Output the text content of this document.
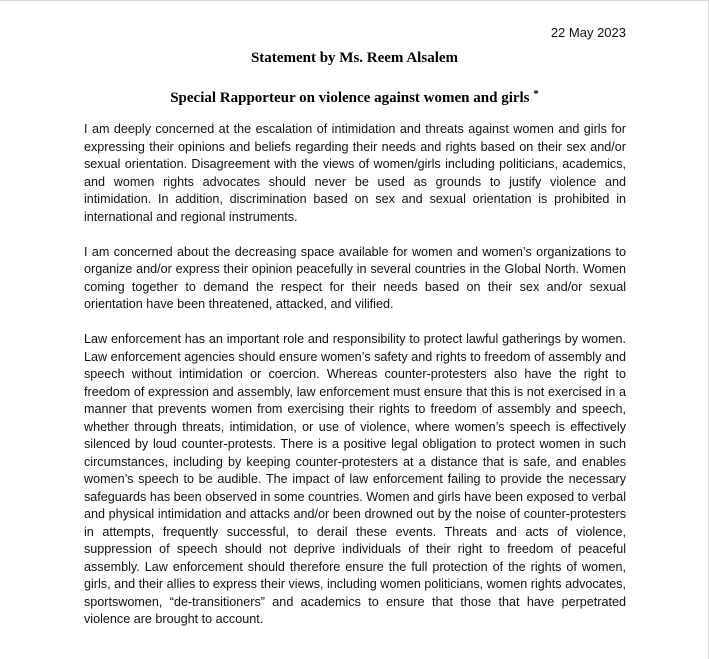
22 May 2023
Statement by Ms. Reem Alsalem
Special Rapporteur on violence against women and girls *

I am deeply concerned at the escalation of intimidation and threats against women and girls for expressing their opinions and beliefs regarding their needs and rights based on their sex and/or sexual orientation. Disagreement with the views of women/girls including politicians, academics, and women rights advocates should never be used as grounds to justify violence and intimidation. In addition, discrimination based on sex and sexual orientation is prohibited in international and regional instruments.

I am concerned about the decreasing space available for women and women’s organizations to organize and/or express their opinion peacefully in several countries in the Global North. Women coming together to demand the respect for their needs based on their sex and/or sexual orientation have been threatened, attacked, and vilified.

Law enforcement has an important role and responsibility to protect lawful gatherings by women. Law enforcement agencies should ensure women’s safety and rights to freedom of assembly and speech without intimidation or coercion. Whereas counter-protesters also have the right to freedom of expression and assembly, law enforcement must ensure that this is not exercised in a manner that prevents women from exercising their rights to freedom of assembly and speech, whether through threats, intimidation, or use of violence, where women’s speech is effectively silenced by loud counter-protests. There is a positive legal obligation to protect women in such circumstances, including by keeping counter-protesters at a distance that is safe, and enables women’s speech to be audible. The impact of law enforcement failing to provide the necessary safeguards has been observed in some countries. Women and girls have been exposed to verbal and physical intimidation and attacks and/or been drowned out by the noise of counter-protesters in attempts, frequently successful, to derail these events. Threats and acts of violence, suppression of speech should not deprive individuals of their right to freedom of peaceful assembly. Law enforcement should therefore ensure the full protection of the rights of women, girls, and their allies to express their views, including women politicians, women rights advocates, sportswomen, “de-transitioners” and academics to ensure that those that have perpetrated violence are brought to account.
